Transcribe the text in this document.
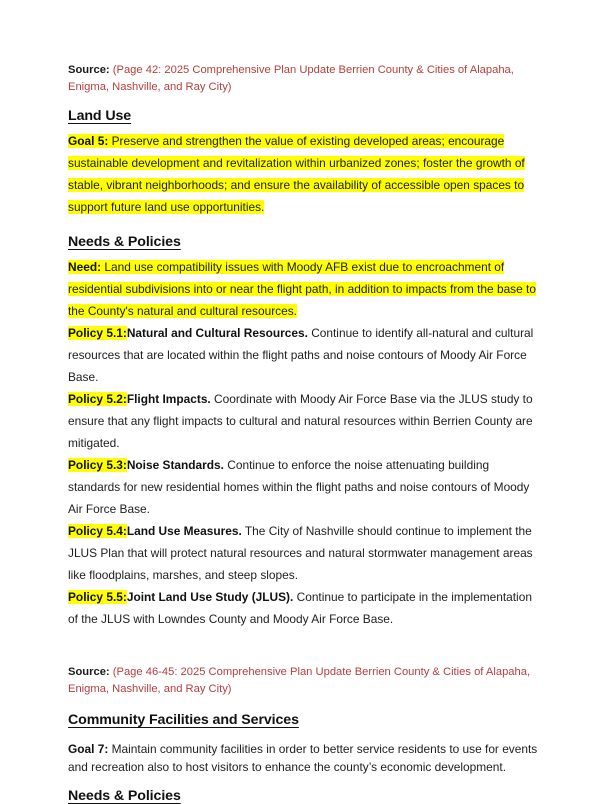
Source: (Page 42: 2025 Comprehensive Plan Update Berrien County & Cities of Alapaha, Enigma, Nashville, and Ray City)

Land Use

Goal 5: Preserve and strengthen the value of existing developed areas; encourage sustainable development and revitalization within urbanized zones; foster the growth of stable, vibrant neighborhoods; and ensure the availability of accessible open spaces to support future land use opportunities.

Needs & Policies

Need: Land use compatibility issues with Moody AFB exist due to encroachment of residential subdivisions into or near the flight path, in addition to impacts from the base to the County's natural and cultural resources.

Policy 5.1:Natural and Cultural Resources. Continue to identify all-natural and cultural resources that are located within the flight paths and noise contours of Moody Air Force Base.

Policy 5.2:Flight Impacts. Coordinate with Moody Air Force Base via the JLUS study to ensure that any flight impacts to cultural and natural resources within Berrien County are mitigated.

Policy 5.3:Noise Standards. Continue to enforce the noise attenuating building standards for new residential homes within the flight paths and noise contours of Moody Air Force Base.

Policy 5.4:Land Use Measures. The City of Nashville should continue to implement the JLUS Plan that will protect natural resources and natural stormwater management areas like floodplains, marshes, and steep slopes.

Policy 5.5:Joint Land Use Study (JLUS). Continue to participate in the implementation of the JLUS with Lowndes County and Moody Air Force Base.

Source: (Page 46-45: 2025 Comprehensive Plan Update Berrien County & Cities of Alapaha, Enigma, Nashville, and Ray City)

Community Facilities and Services

Goal 7: Maintain community facilities in order to better service residents to use for events and recreation also to host visitors to enhance the county’s economic development.

Needs & Policies
